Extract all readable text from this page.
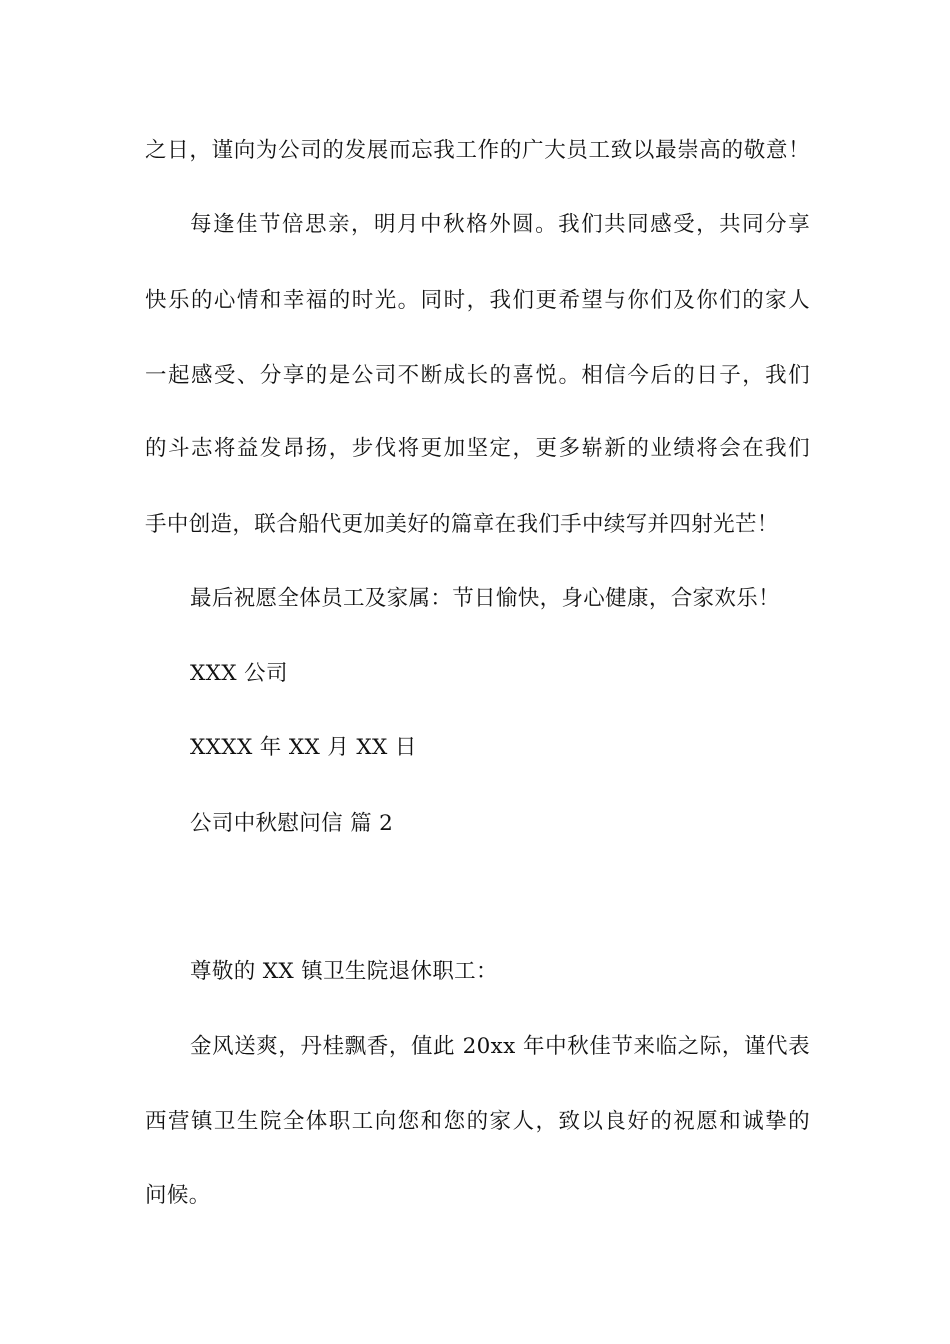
之日，谨向为公司的发展而忘我工作的广大员工致以最崇高的敬意！
每逢佳节倍思亲，明月中秋格外圆。我们共同感受，共同分享
快乐的心情和幸福的时光。同时，我们更希望与你们及你们的家人
一起感受、分享的是公司不断成长的喜悦。相信今后的日子，我们
的斗志将益发昂扬，步伐将更加坚定，更多崭新的业绩将会在我们
手中创造，联合船代更加美好的篇章在我们手中续写并四射光芒！
最后祝愿全体员工及家属：节日愉快，身心健康，合家欢乐！
XXX 公司
XXXX 年 XX 月 XX 日
公司中秋慰问信 篇 2
尊敬的 XX 镇卫生院退休职工：
金风送爽，丹桂飘香，值此 20xx 年中秋佳节来临之际，谨代表
西营镇卫生院全体职工向您和您的家人，致以良好的祝愿和诚挚的
问候。
